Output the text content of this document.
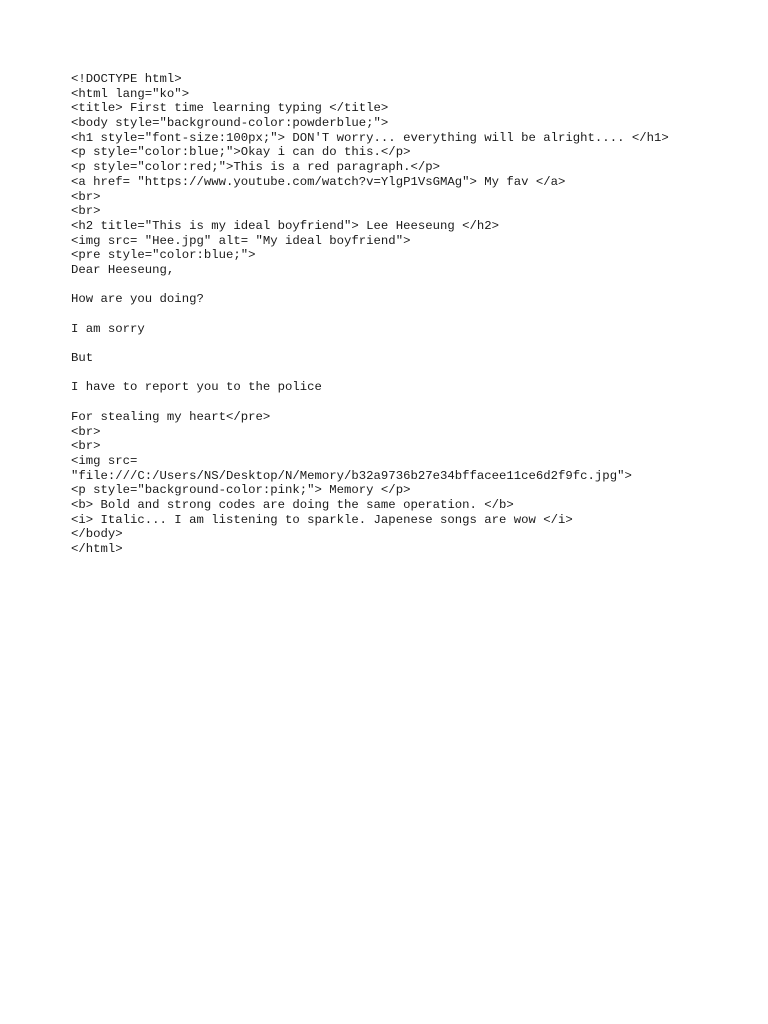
<!DOCTYPE html>
<html lang="ko">
<title> First time learning typing </title>
<body style="background-color:powderblue;">
<h1 style="font-size:100px;"> DON'T worry... everything will be alright.... </h1>
<p style="color:blue;">Okay i can do this.</p>
<p style="color:red;">This is a red paragraph.</p>
<a href= "https://www.youtube.com/watch?v=YlgP1VsGMAg"> My fav </a>
<br>
<br>
<h2 title="This is my ideal boyfriend"> Lee Heeseung </h2>
<img src= "Hee.jpg" alt= "My ideal boyfriend">
<pre style="color:blue;">
Dear Heeseung,
How are you doing?
I am sorry
But
I have to report you to the police
For stealing my heart</pre>
<br>
<br>
<img src=
"file:///C:/Users/NS/Desktop/N/Memory/b32a9736b27e34bffacee11ce6d2f9fc.jpg">
<p style="background-color:pink;"> Memory </p>
<b> Bold and strong codes are doing the same operation. </b>
<i> Italic... I am listening to sparkle. Japenese songs are wow </i>
</body>
</html>
